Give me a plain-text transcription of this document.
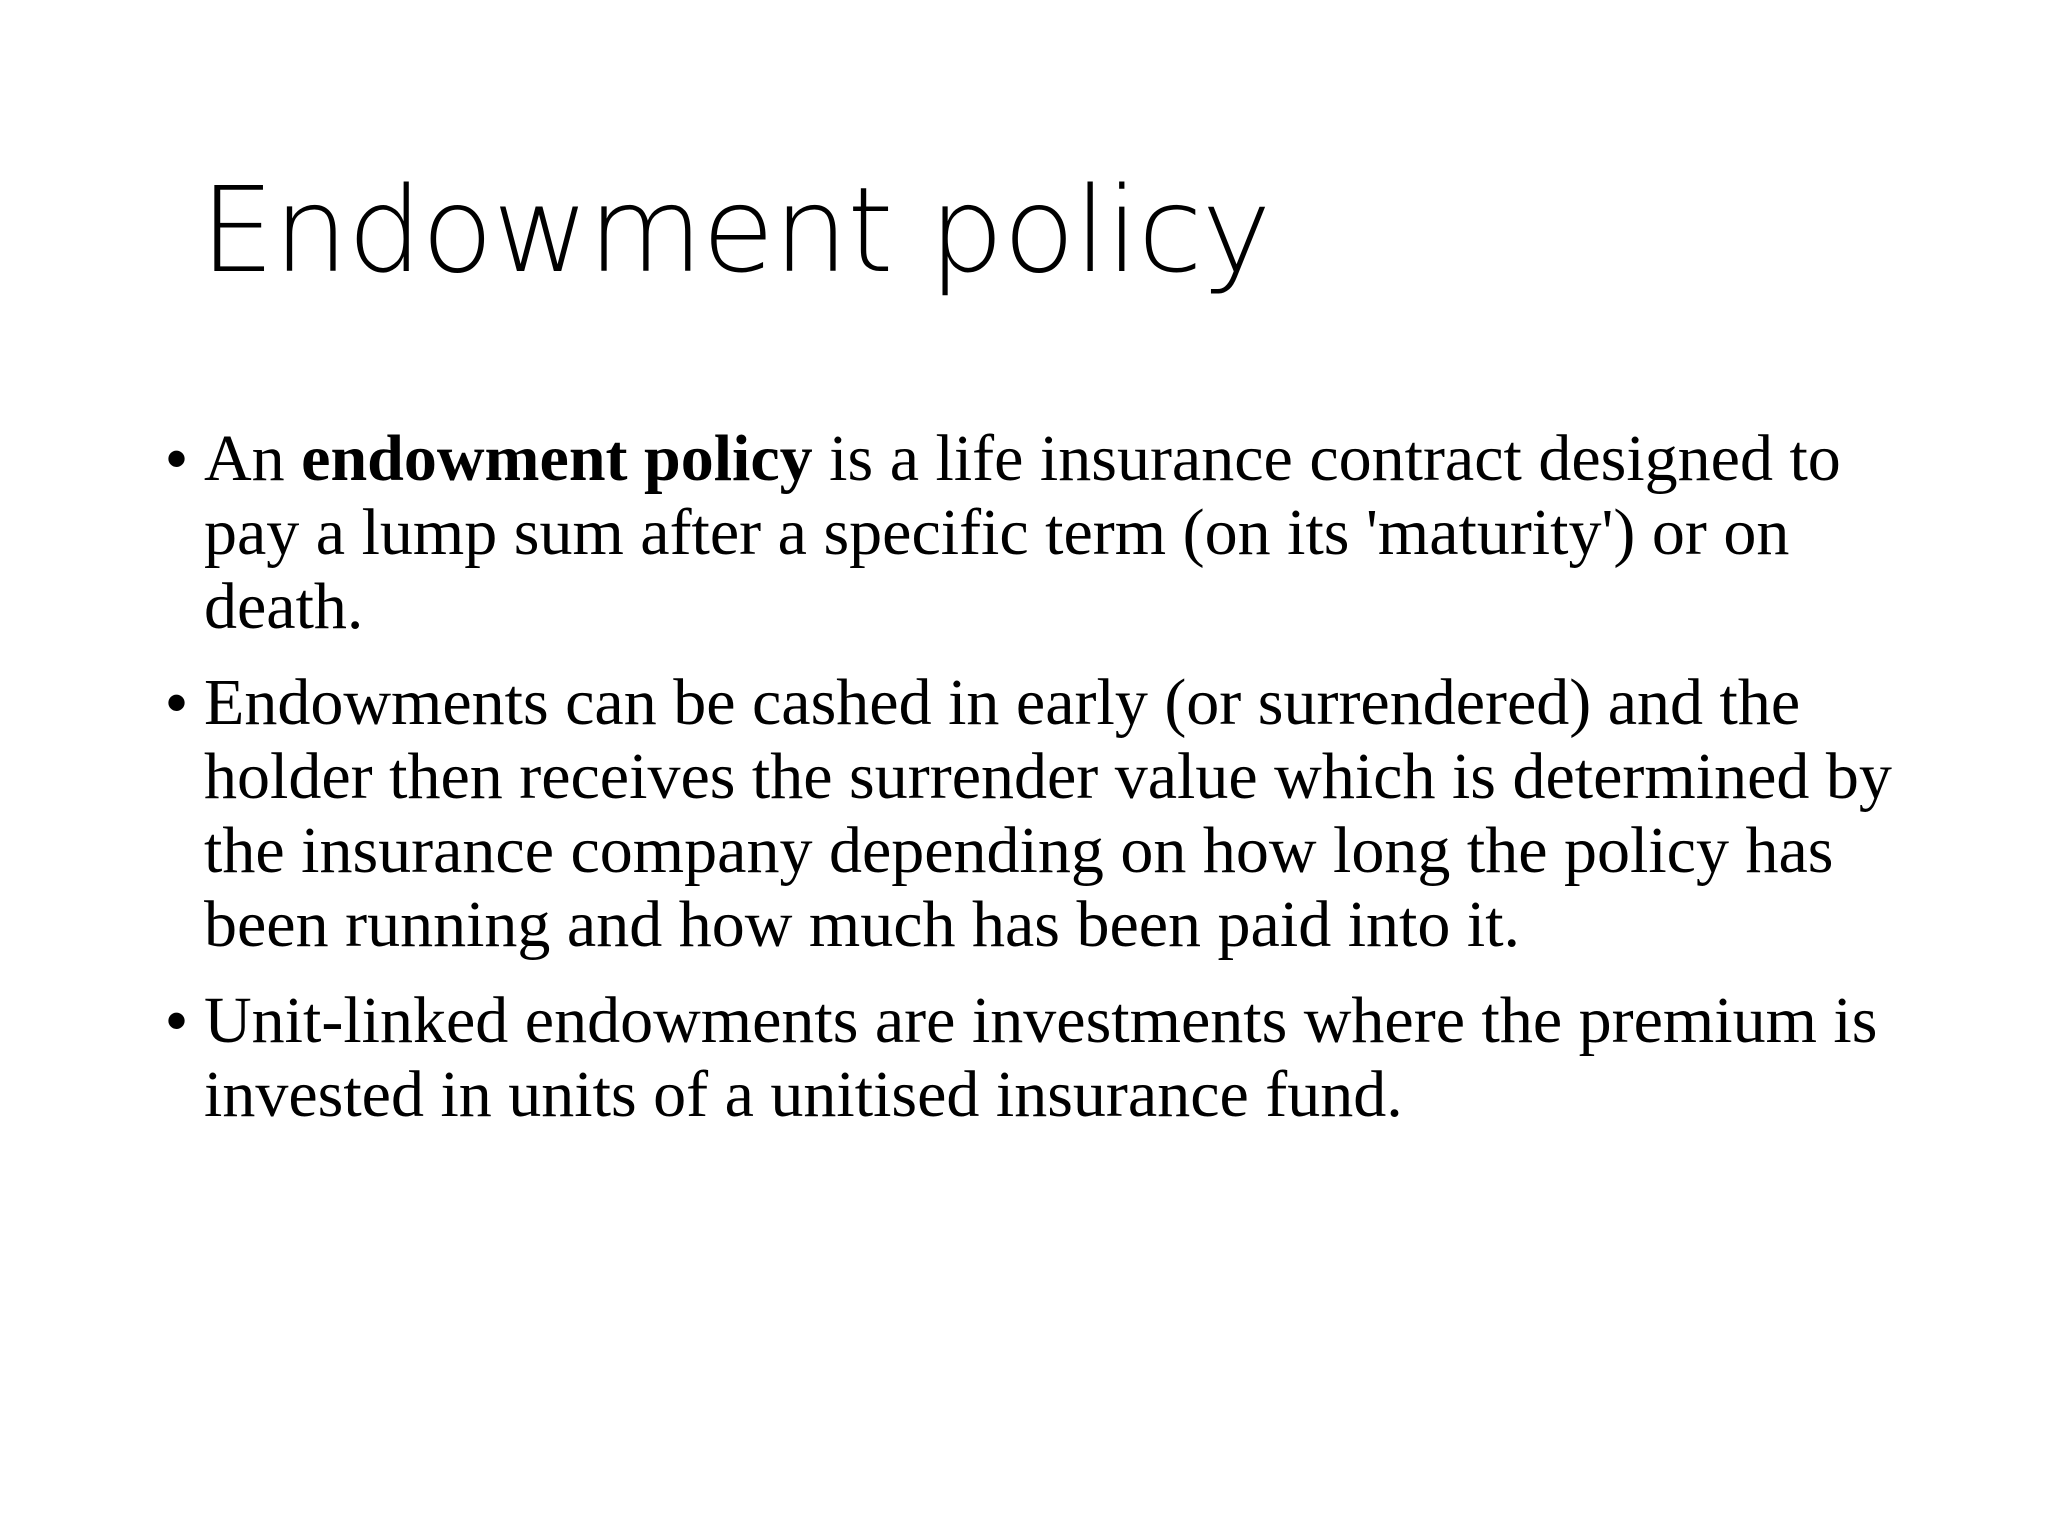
Endowment policy
• An endowment policy is a life insurance contract designed to pay a lump sum after a specific term (on its 'maturity') or on death.
• Endowments can be cashed in early (or surrendered) and the holder then receives the surrender value which is determined by the insurance company depending on how long the policy has been running and how much has been paid into it.
• Unit-linked endowments are investments where the premium is invested in units of a unitised insurance fund.
